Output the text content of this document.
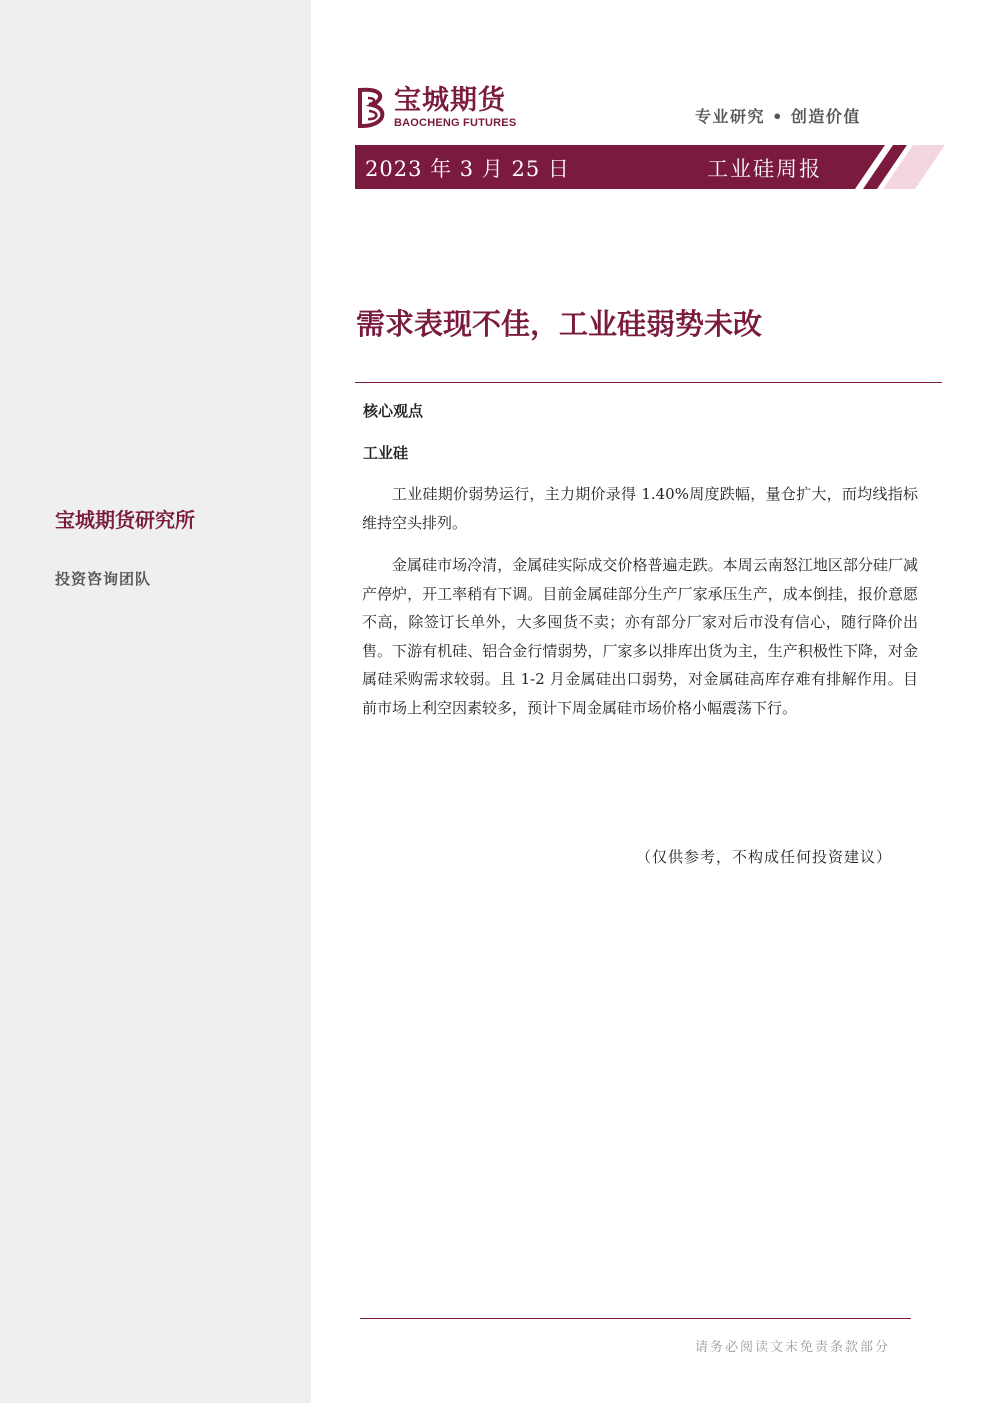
宝城期货研究所
投资咨询团队
宝城期货
BAOCHENG FUTURES	专业研究 • 创造价值
2023 年 3 月 25 日	工业硅周报
需求表现不佳，工业硅弱势未改
核心观点
工业硅

工业硅期价弱势运行，主力期价录得 1.40%周度跌幅，量仓扩大，而均线指标维持空头排列。

金属硅市场冷清，金属硅实际成交价格普遍走跌。本周云南怒江地区部分硅厂减产停炉，开工率稍有下调。目前金属硅部分生产厂家承压生产，成本倒挂，报价意愿不高，除签订长单外，大多囤货不卖；亦有部分厂家对后市没有信心，随行降价出售。下游有机硅、铝合金行情弱势，厂家多以排库出货为主，生产积极性下降，对金属硅采购需求较弱。且 1-2 月金属硅出口弱势，对金属硅高库存难有排解作用。目前市场上利空因素较多，预计下周金属硅市场价格小幅震荡下行。

（仅供参考，不构成任何投资建议）
请务必阅读文末免责条款部分
